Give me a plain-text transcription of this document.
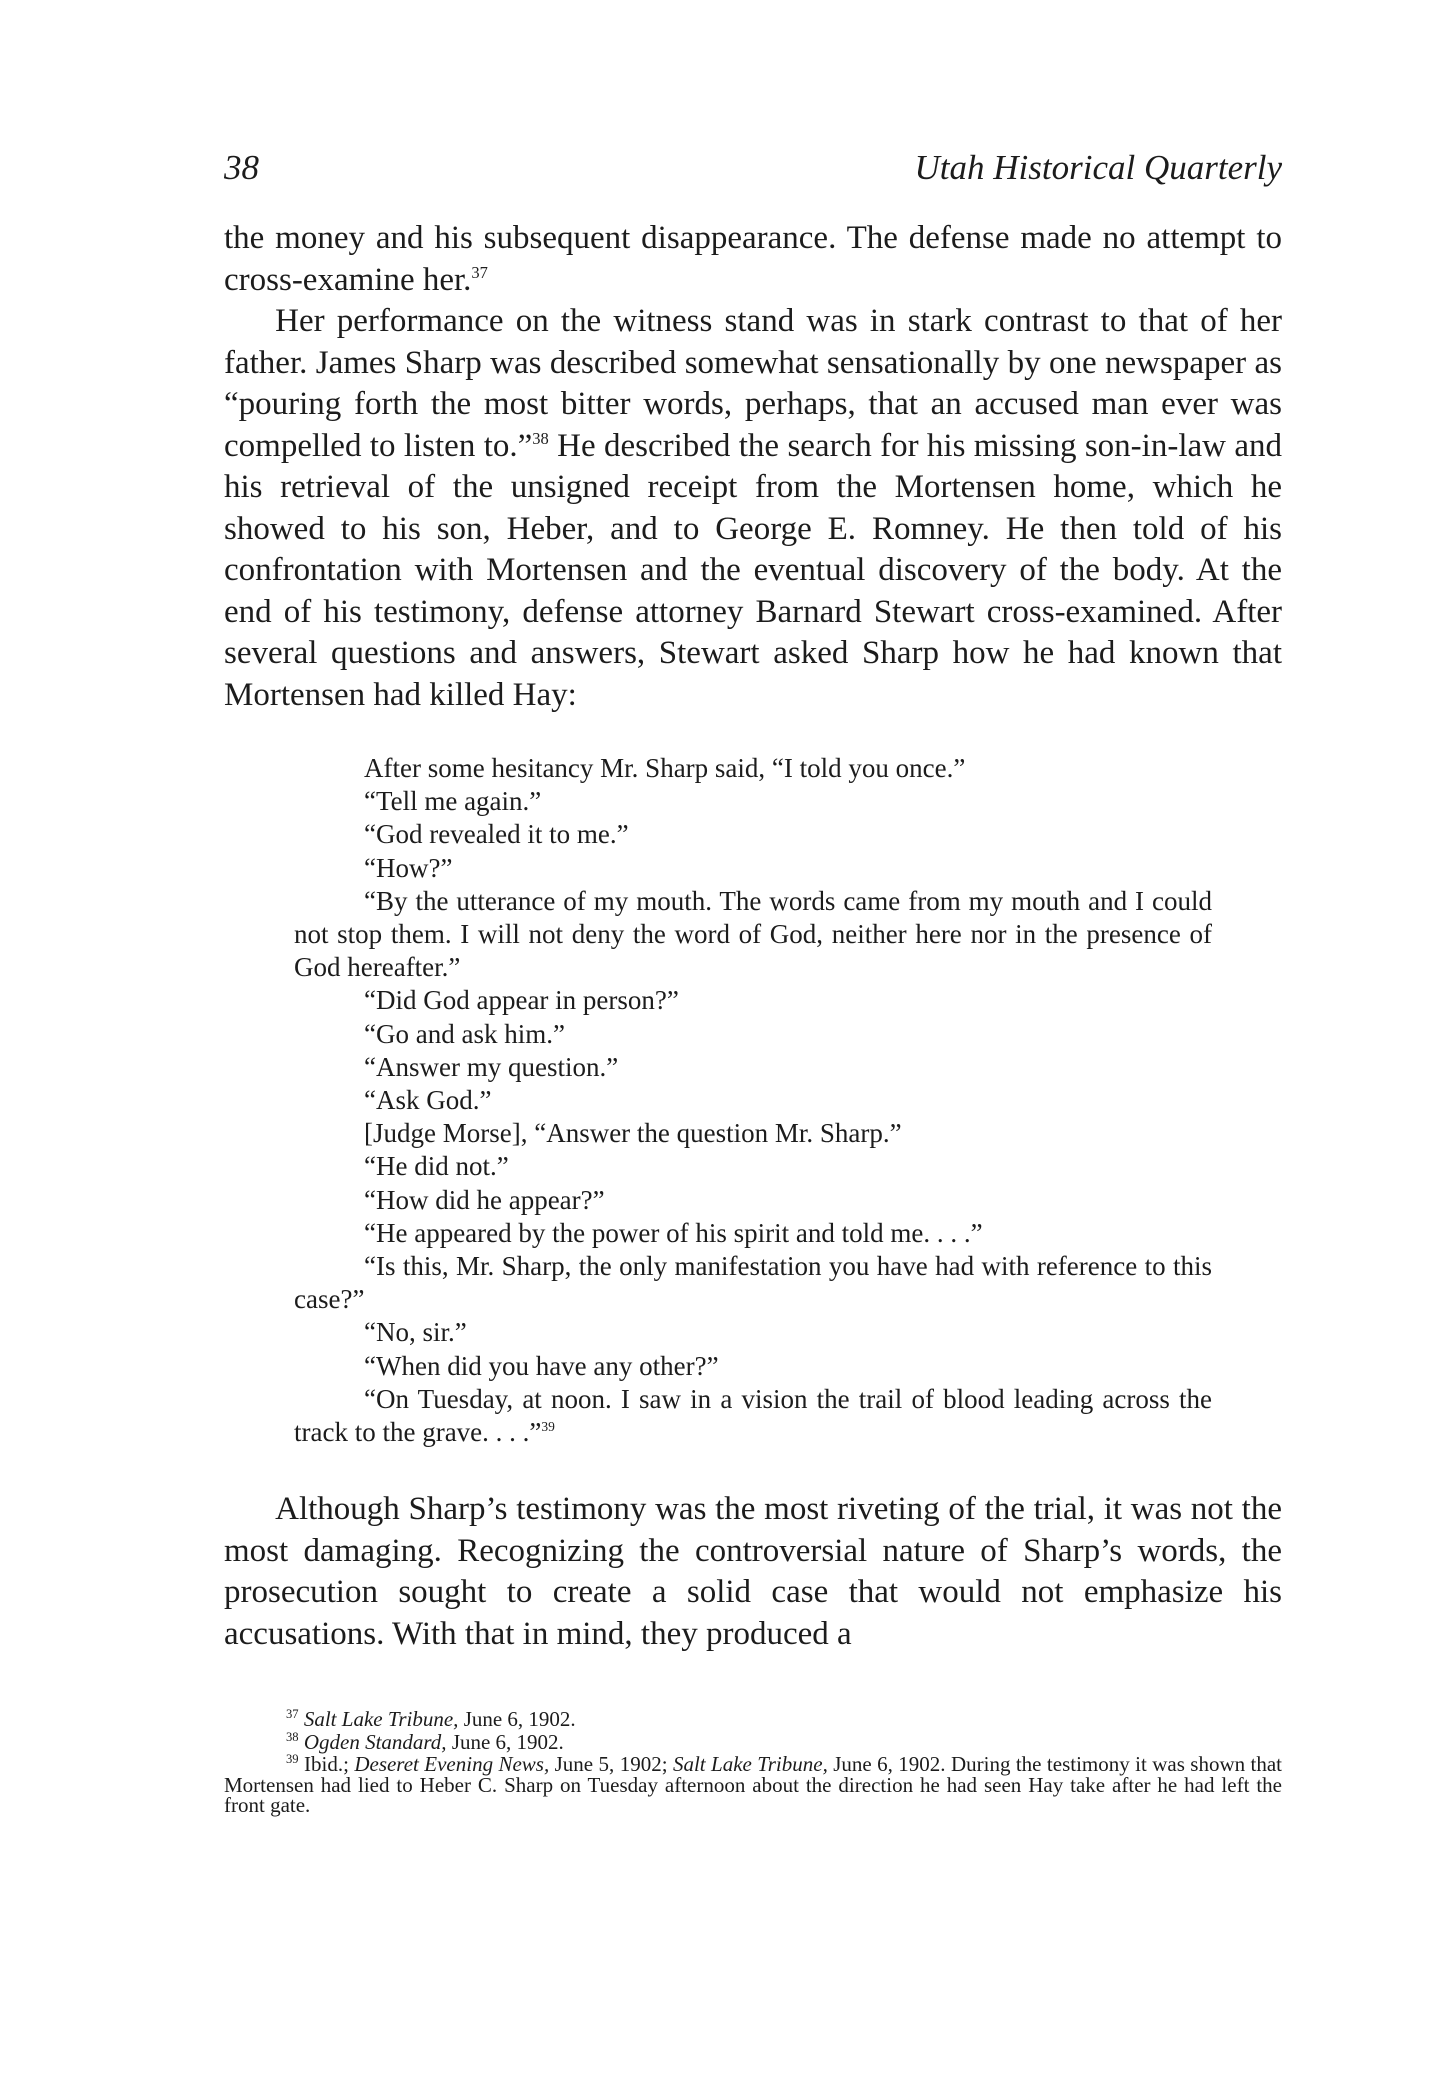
38	Utah Historical Quarterly

the money and his subsequent disappearance. The defense made no attempt to cross-examine her.$^{37}$

Her performance on the witness stand was in stark contrast to that of her father. James Sharp was described somewhat sensationally by one newspaper as “pouring forth the most bitter words, perhaps, that an accused man ever was compelled to listen to.”$^{38}$ He described the search for his missing son-in-law and his retrieval of the unsigned receipt from the Mortensen home, which he showed to his son, Heber, and to George E. Romney. He then told of his confrontation with Mortensen and the eventual discovery of the body. At the end of his testimony, defense attorney Barnard Stewart cross-examined. After several questions and answers, Stewart asked Sharp how he had known that Mortensen had killed Hay:

After some hesitancy Mr. Sharp said, “I told you once.”

“Tell me again.”

“God revealed it to me.”

“How?”

“By the utterance of my mouth. The words came from my mouth and I could not stop them. I will not deny the word of God, neither here nor in the presence of God hereafter.”

“Did God appear in person?”

“Go and ask him.”

“Answer my question.”

“Ask God.”

[Judge Morse], “Answer the question Mr. Sharp.”

“He did not.”

“How did he appear?”

“He appeared by the power of his spirit and told me. . . .”

“Is this, Mr. Sharp, the only manifestation you have had with reference to this case?”

“No, sir.”

“When did you have any other?”

“On Tuesday, at noon. I saw in a vision the trail of blood leading across the track to the grave. . . .”$^{39}$

Although Sharp’s testimony was the most riveting of the trial, it was not the most damaging. Recognizing the controversial nature of Sharp’s words, the prosecution sought to create a solid case that would not emphasize his accusations. With that in mind, they produced a

$^{37}$ Salt Lake Tribune, June 6, 1902.

$^{38}$ Ogden Standard, June 6, 1902.

$^{39}$ Ibid.; Deseret Evening News, June 5, 1902; Salt Lake Tribune, June 6, 1902. During the testimony it was shown that Mortensen had lied to Heber C. Sharp on Tuesday afternoon about the direction he had seen Hay take after he had left the front gate.
